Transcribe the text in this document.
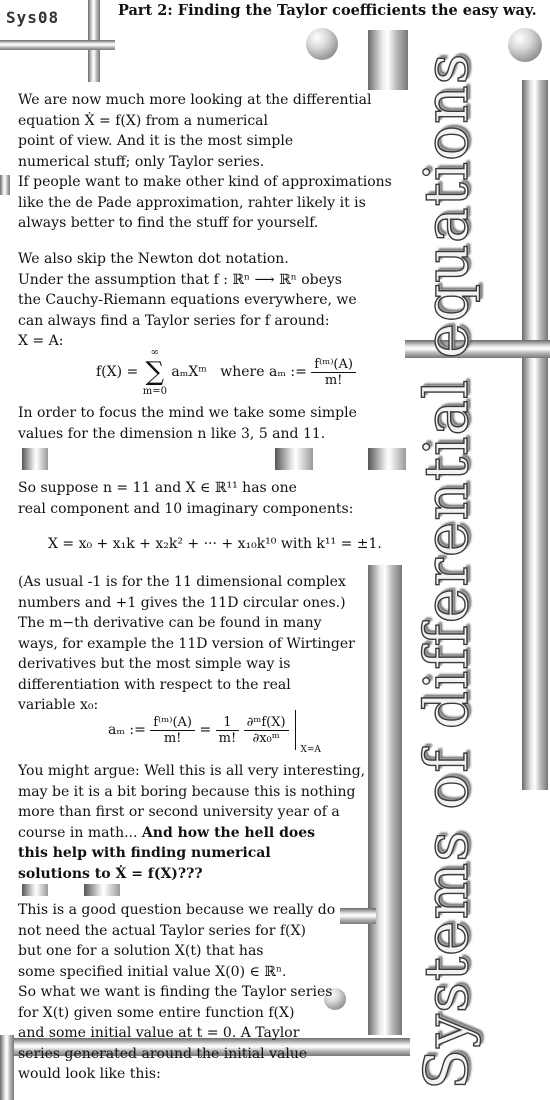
Sys08	Part 2: Finding the Taylor coefficients the easy way.
Systems of differential equations
We are now much more looking at the differential
equation Ẋ = f(X) from a numerical
point of view. And it is the most simple
numerical stuff; only Taylor series.
If people want to make other kind of approximations
like the de Pade approximation, rahter likely it is
always better to find the stuff for yourself.
We also skip the Newton dot notation.
Under the assumption that f : ℝⁿ ⟶ ℝⁿ obeys
the Cauchy-Riemann equations everywhere, we
can always find a Taylor series for f around:
X = A:
f(X) =
∞
∑
m=0
aₘXᵐ where aₘ := $\frac{\text{f⁽ᵐ⁾(A)}}{m!}$
In order to focus the mind we take some simple
values for the dimension n like 3, 5 and 11.
So suppose n = 11 and X ∈ ℝ¹¹ has one
real component and 10 imaginary components:
X = x₀ + x₁k + x₂k² + ··· + x₁₀k¹⁰ with k¹¹ = ±1.
(As usual -1 is for the 11 dimensional complex
numbers and +1 gives the 11D circular ones.)
The m−th derivative can be found in many
ways, for example the 11D version of Wirtinger
derivatives but the most simple way is
differentiation with respect to the real
variable x₀:
aₘ := $\frac{\text{f⁽ᵐ⁾(A)}}{m!} = \frac{1}{m!}$
$\frac{\text{∂ᵐf(X)}}{\text{∂x₀ᵐ}}$
$_{X=A}$
You might argue: Well this is all very interesting,
may be it is a bit boring because this is nothing
more than first or second university year of a
course in math... And how the hell does
this help with finding numerical
solutions to Ẋ = f(X)???
This is a good question because we really do
not need the actual Taylor series for f(X)
but one for a solution X(t) that has
some specified initial value X(0) ∈ ℝⁿ.
So what we want is finding the Taylor series
for X(t) given some entire function f(X)
and some initial value at t = 0. A Taylor
series generated around the initial value
would look like this:
